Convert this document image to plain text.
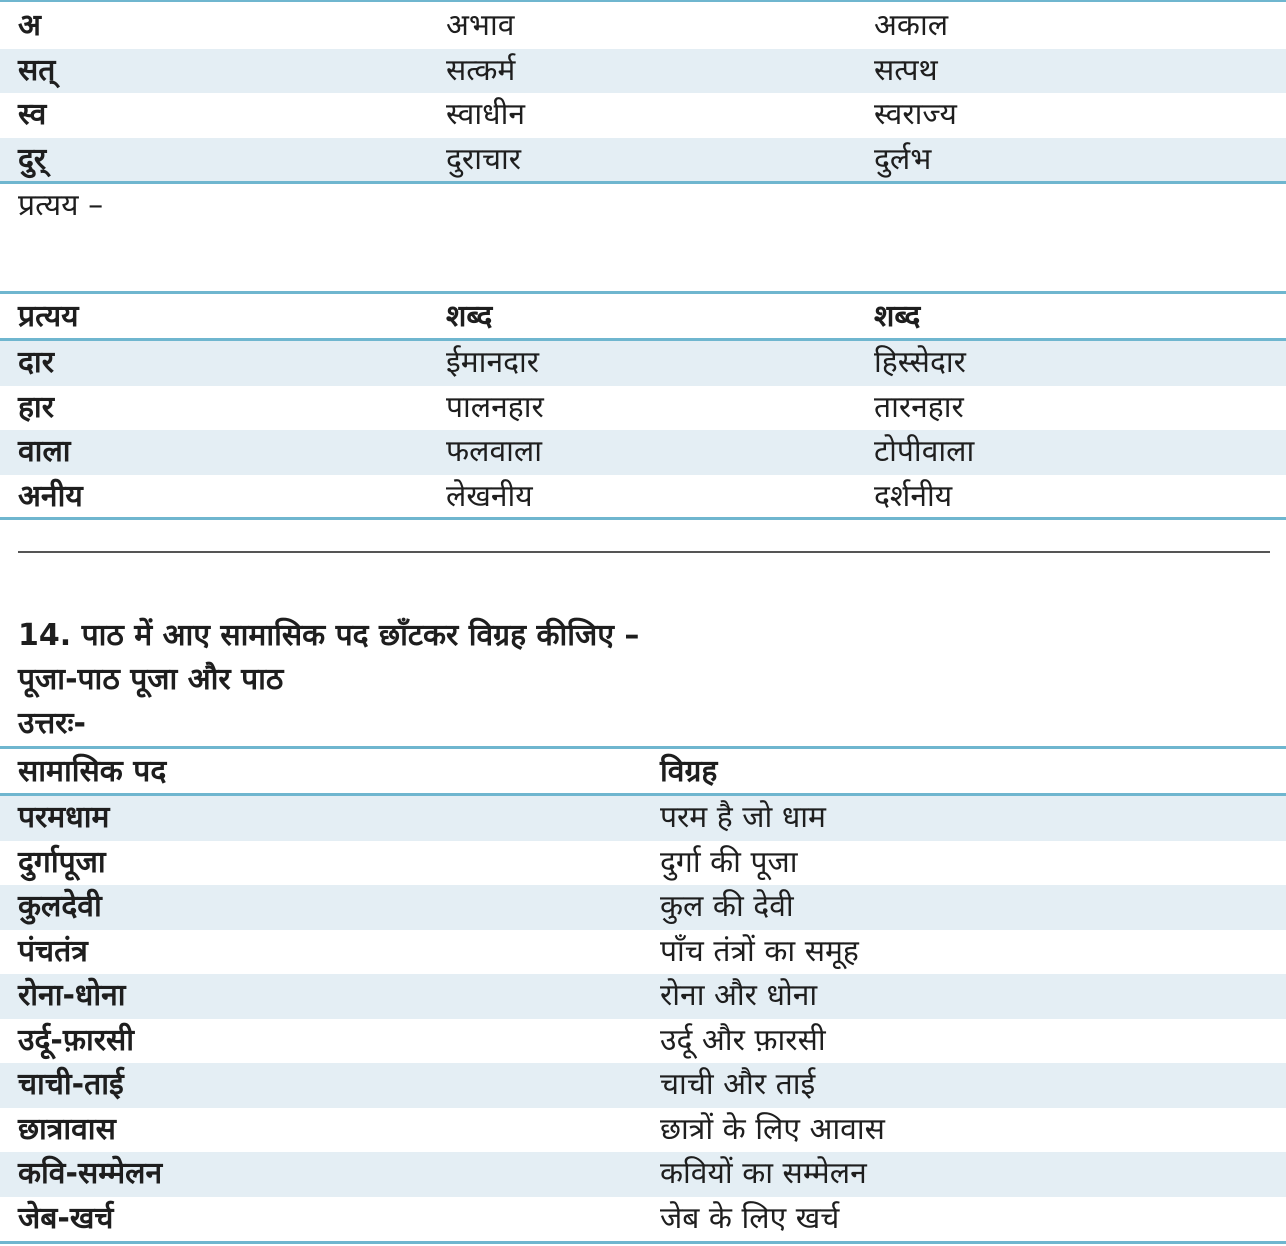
अ	अभाव	अकाल
सत्	सत्कर्म	सत्पथ
स्व	स्वाधीन	स्वराज्य
दुर्	दुराचार	दुर्लभ
प्रत्यय –
प्रत्यय	शब्द	शब्द
दार	ईमानदार	हिस्सेदार
हार	पालनहार	तारनहार
वाला	फलवाला	टोपीवाला
अनीय	लेखनीय	दर्शनीय
14. पाठ में आए सामासिक पद छाँटकर विग्रह कीजिए –
पूजा-पाठ पूजा और पाठ
उत्तरः-
सामासिक पद	विग्रह
परमधाम	परम है जो धाम
दुर्गापूजा	दुर्गा की पूजा
कुलदेवी	कुल की देवी
पंचतंत्र	पाँच तंत्रों का समूह
रोना-धोना	रोना और धोना
उर्दू-फ़ारसी	उर्दू और फ़ारसी
चाची-ताई	चाची और ताई
छात्रावास	छात्रों के लिए आवास
कवि-सम्मेलन	कवियों का सम्मेलन
जेब-खर्च	जेब के लिए खर्च
